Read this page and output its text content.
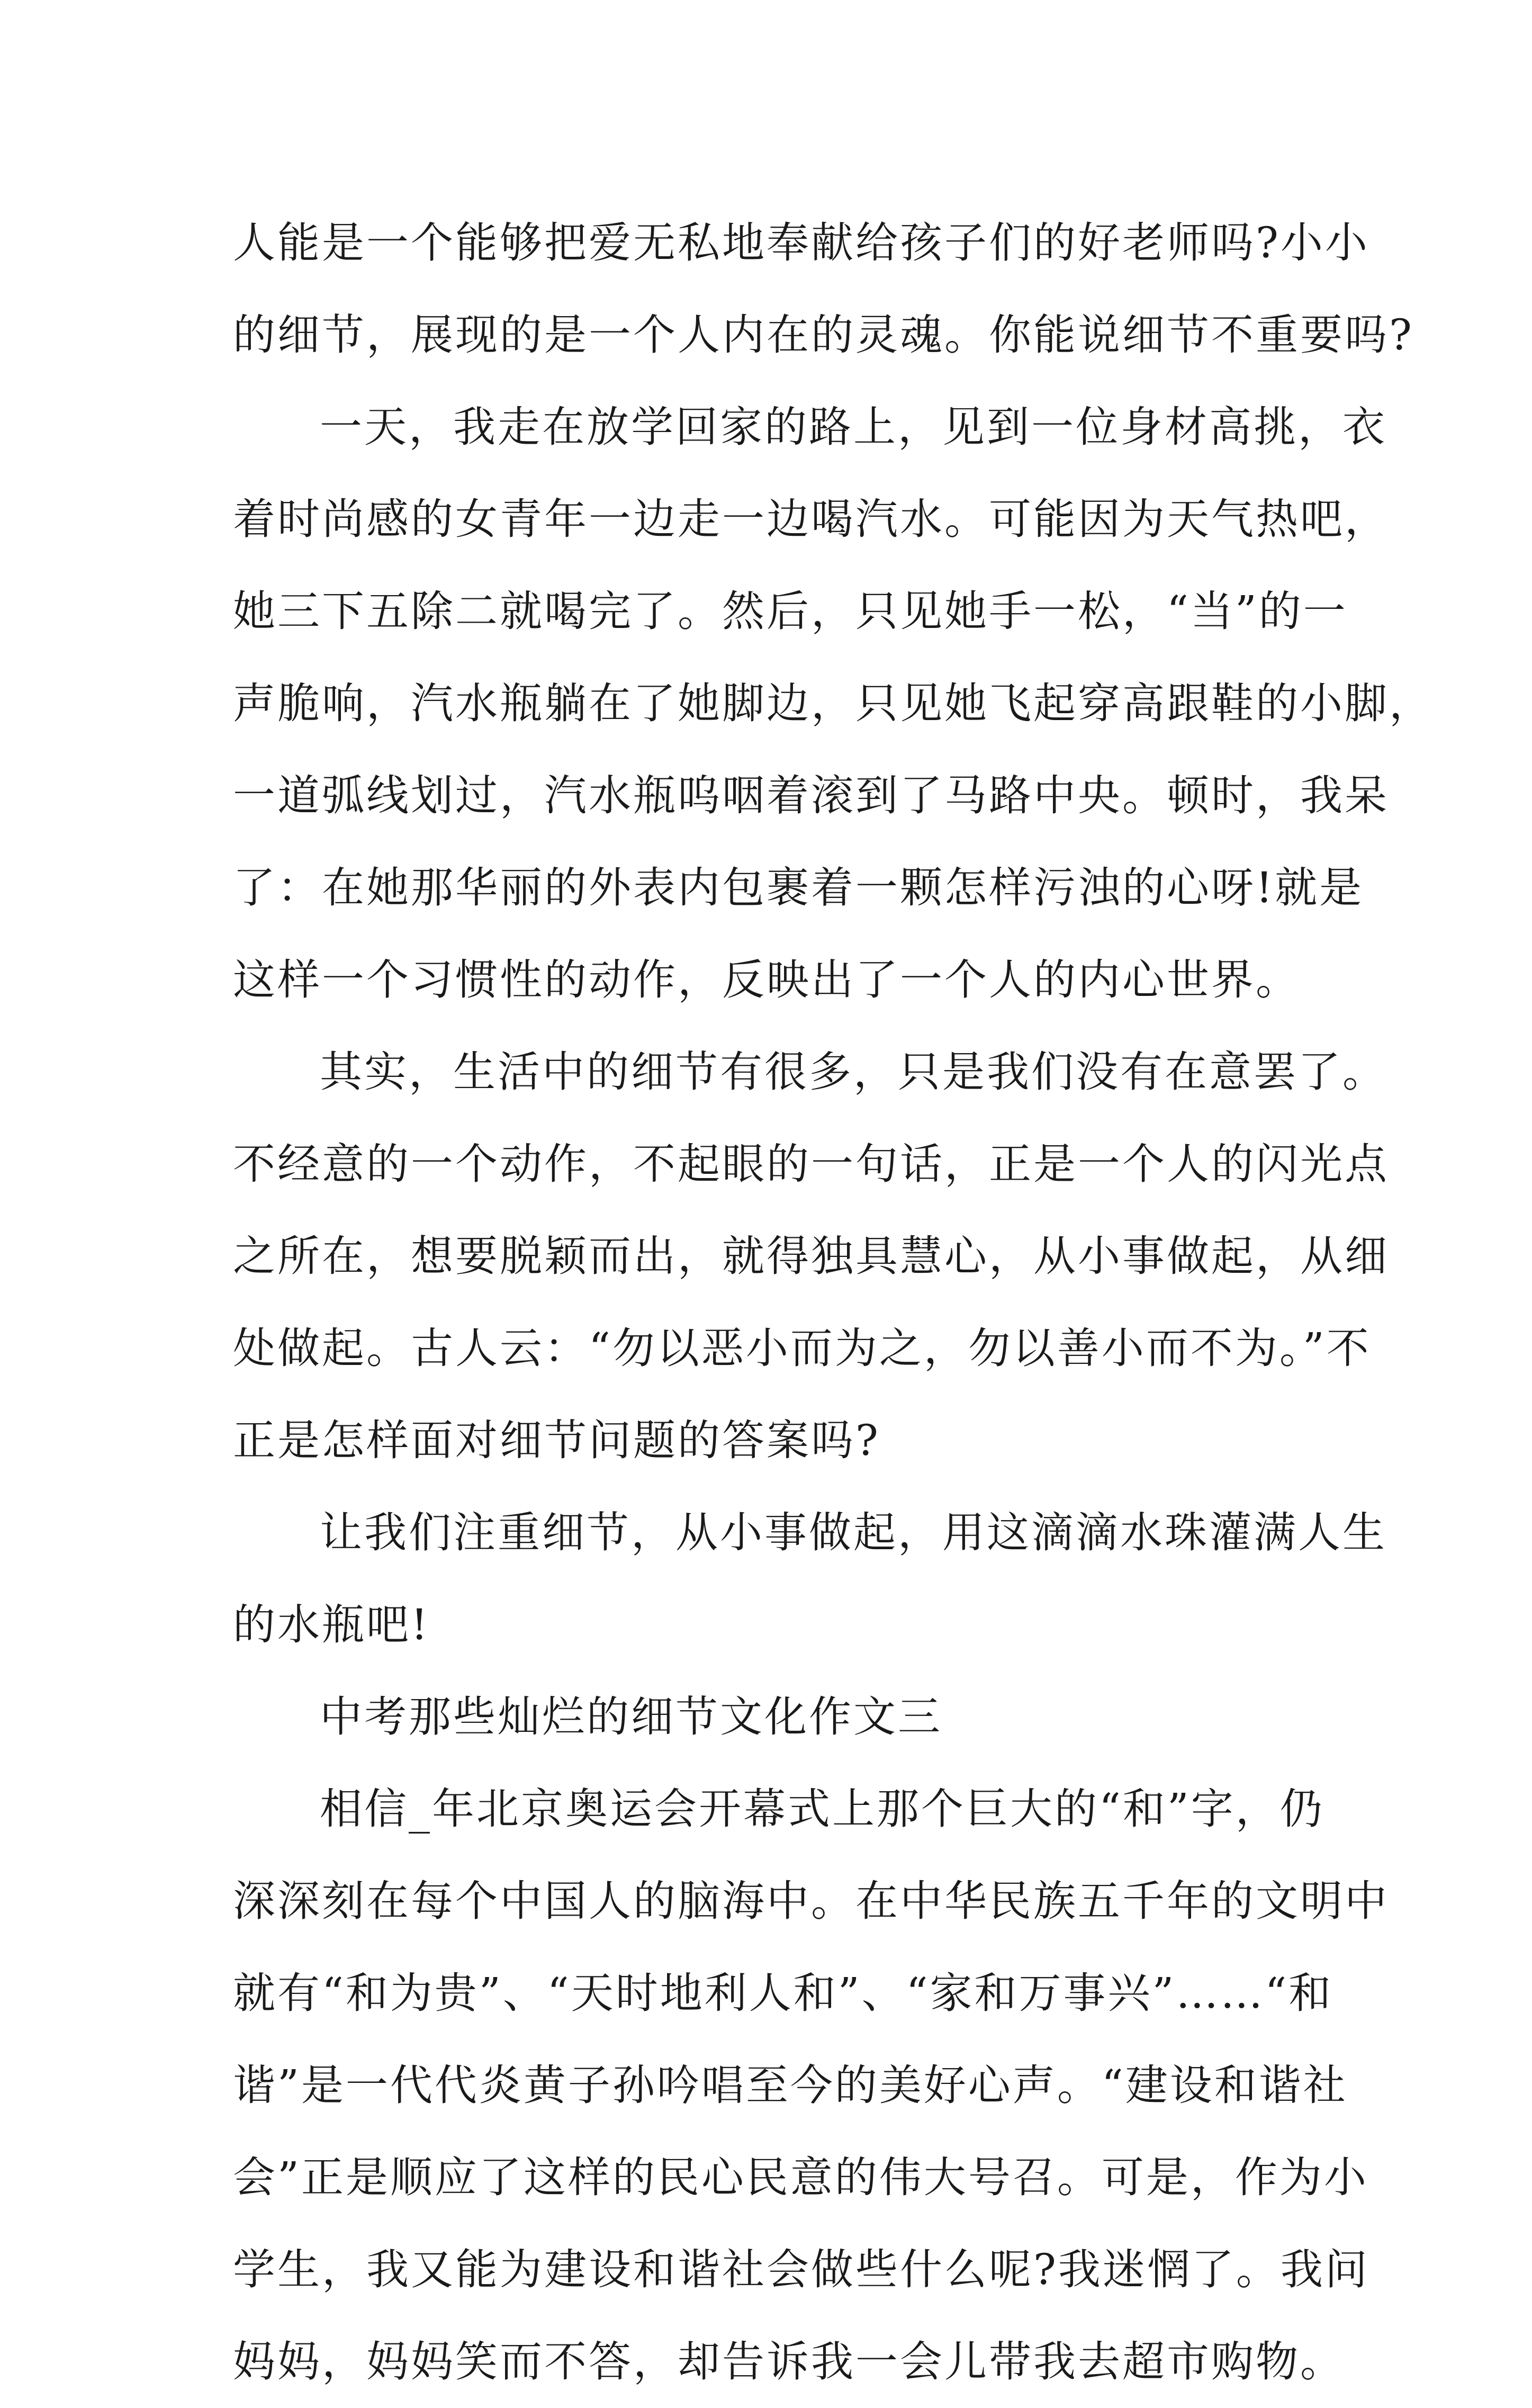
人能是一个能够把爱无私地奉献给孩子们的好老师吗?小小
的细节，展现的是一个人内在的灵魂。你能说细节不重要吗?
一天，我走在放学回家的路上，见到一位身材高挑，衣
着时尚感的女青年一边走一边喝汽水。可能因为天气热吧，
她三下五除二就喝完了。然后，只见她手一松，“当”的一
声脆响，汽水瓶躺在了她脚边，只见她飞起穿高跟鞋的小脚，
一道弧线划过，汽水瓶呜咽着滚到了马路中央。顿时，我呆
了：在她那华丽的外表内包裹着一颗怎样污浊的心呀!就是
这样一个习惯性的动作，反映出了一个人的内心世界。
其实，生活中的细节有很多，只是我们没有在意罢了。
不经意的一个动作，不起眼的一句话，正是一个人的闪光点
之所在，想要脱颖而出，就得独具慧心，从小事做起，从细
处做起。古人云：“勿以恶小而为之，勿以善小而不为。”不
正是怎样面对细节问题的答案吗?
让我们注重细节，从小事做起，用这滴滴水珠灌满人生
的水瓶吧!
中考那些灿烂的细节文化作文三
相信_年北京奥运会开幕式上那个巨大的“和”字，仍
深深刻在每个中国人的脑海中。在中华民族五千年的文明中
就有“和为贵”、“天时地利人和”、“家和万事兴”……“和
谐”是一代代炎黄子孙吟唱至今的美好心声。“建设和谐社
会”正是顺应了这样的民心民意的伟大号召。可是，作为小
学生，我又能为建设和谐社会做些什么呢?我迷惘了。我问
妈妈，妈妈笑而不答，却告诉我一会儿带我去超市购物。
